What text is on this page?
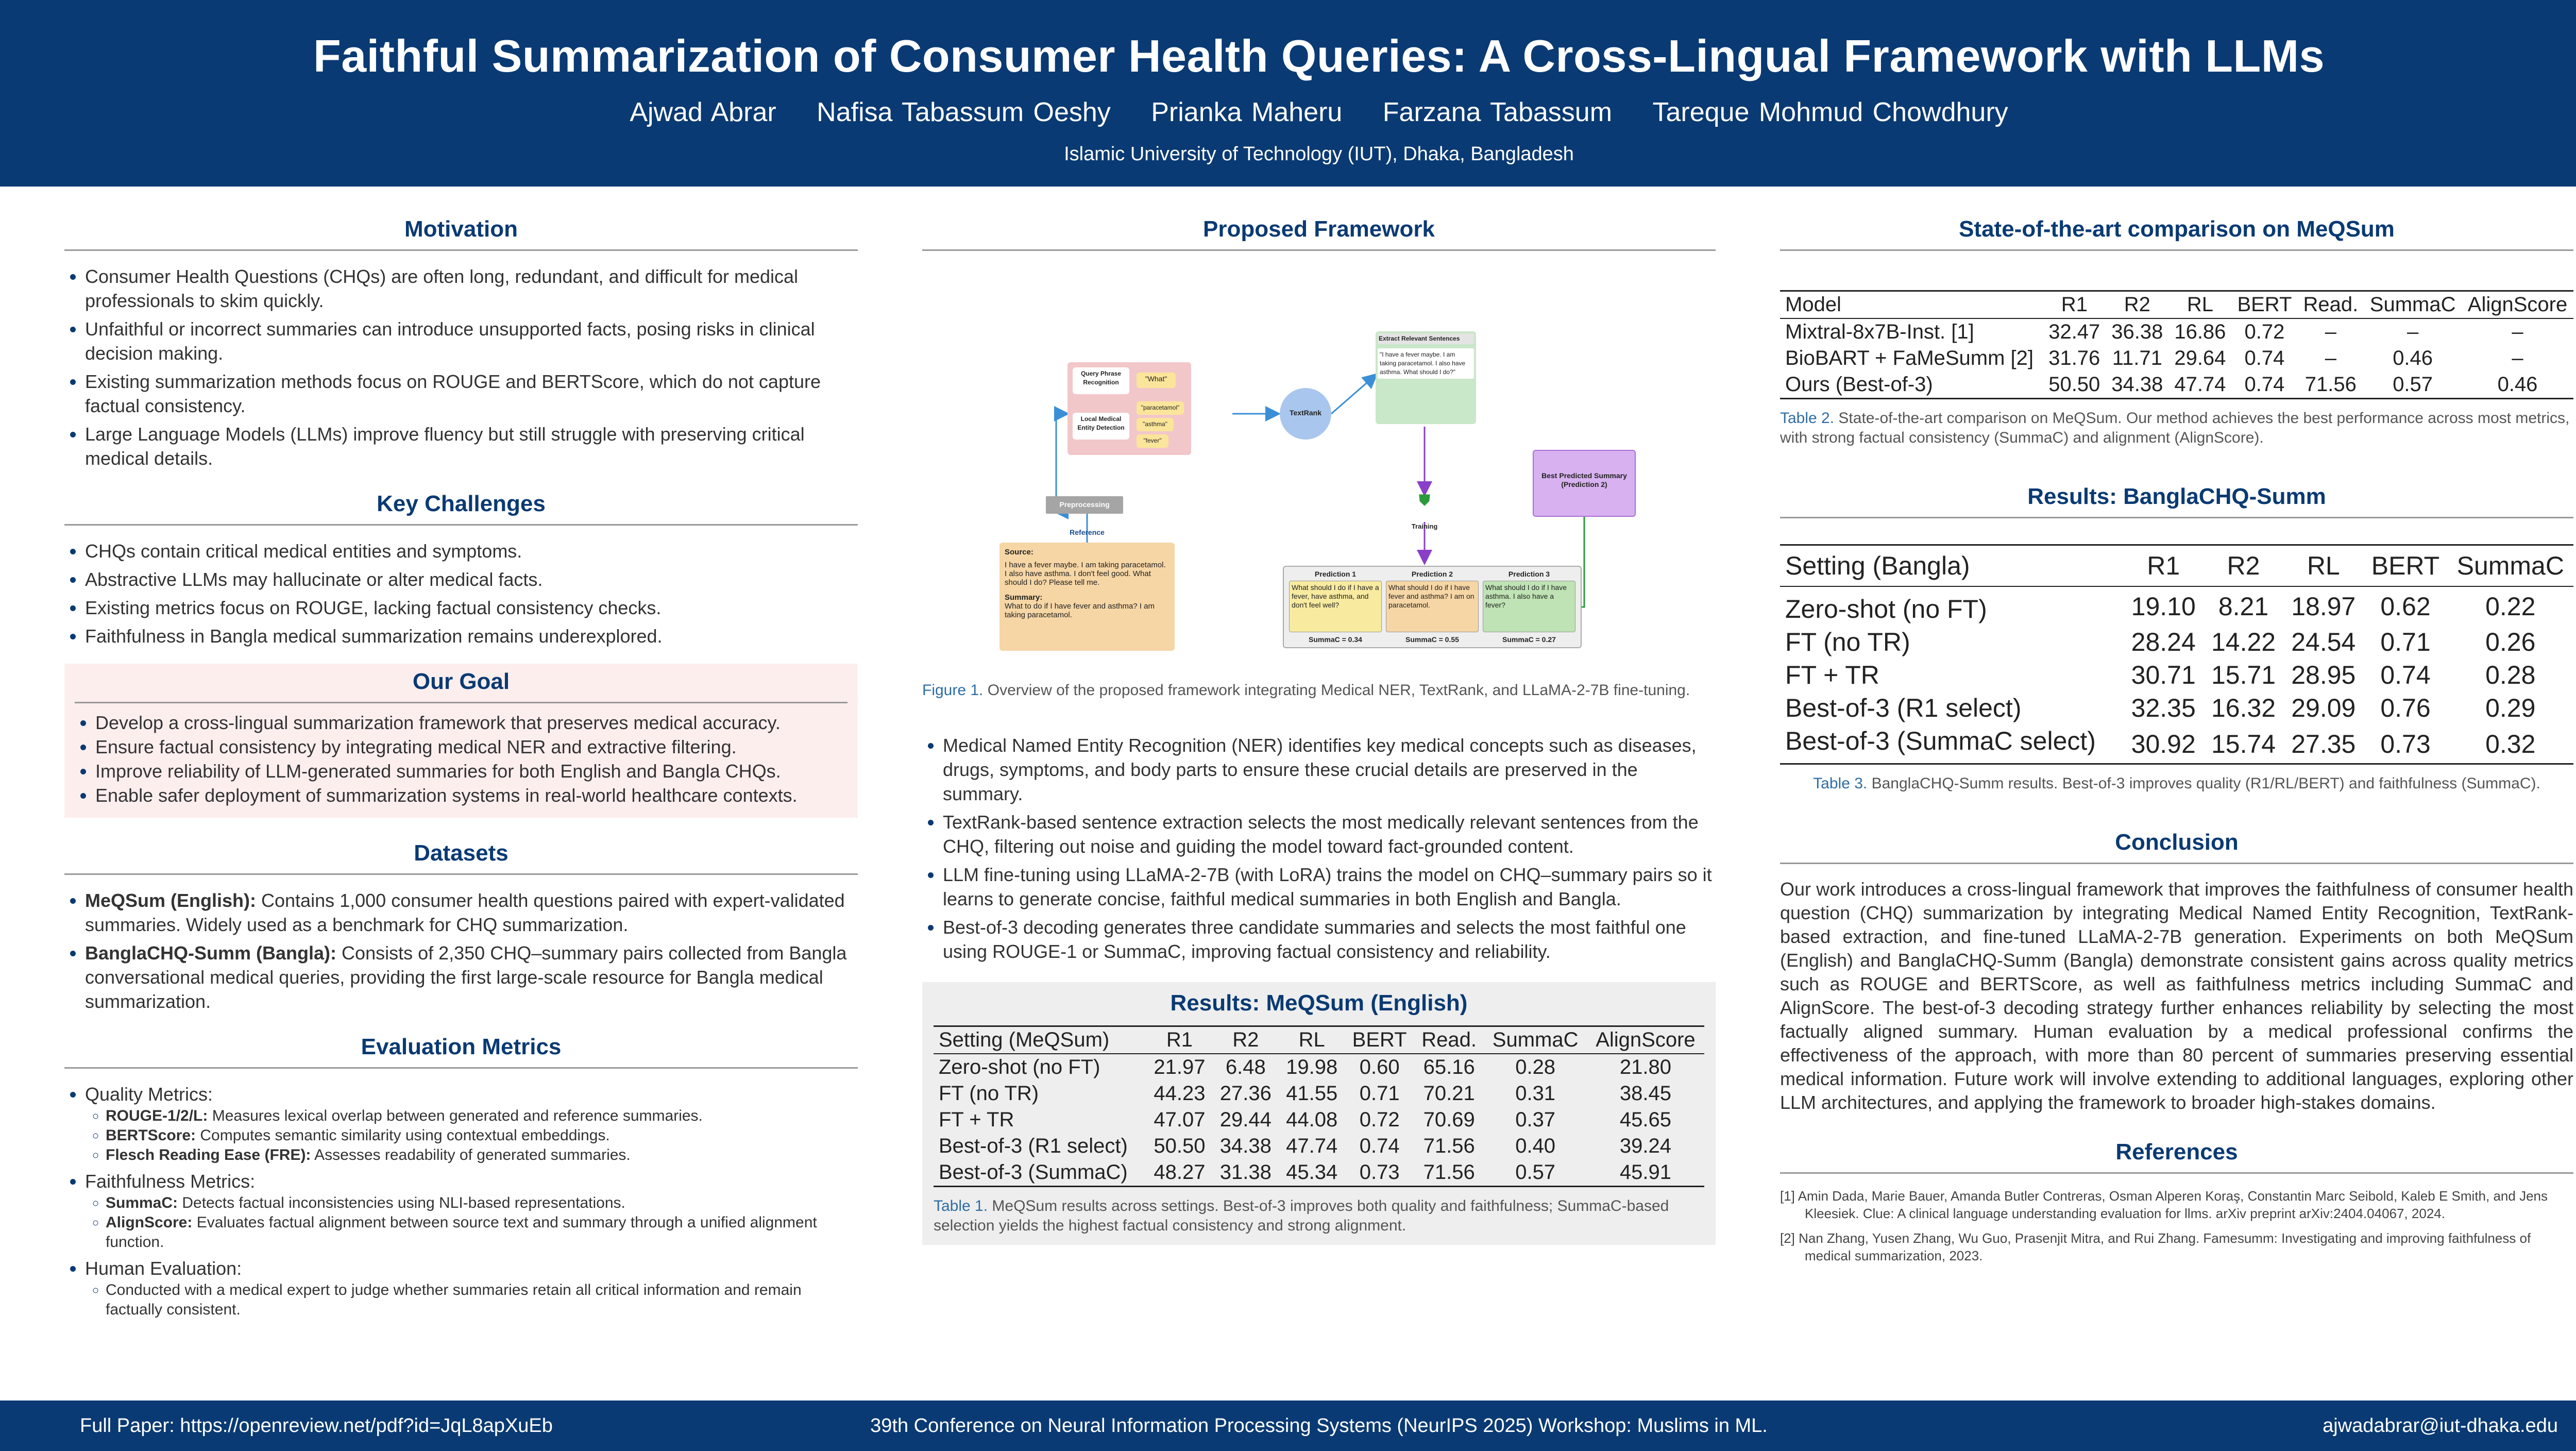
Faithful Summarization of Consumer Health Queries: A Cross-Lingual Framework with LLMs
Ajwad Abrar Nafisa Tabassum Oeshy Prianka Maheru Farzana Tabassum Tareque Mohmud Chowdhury
Islamic University of Technology (IUT), Dhaka, Bangladesh
Motivation
• Consumer Health Questions (CHQs) are often long, redundant, and difficult for medical professionals to skim quickly.
• Unfaithful or incorrect summaries can introduce unsupported facts, posing risks in clinical decision making.
• Existing summarization methods focus on ROUGE and BERTScore, which do not capture factual consistency.
• Large Language Models (LLMs) improve fluency but still struggle with preserving critical medical details.
Key Challenges
• CHQs contain critical medical entities and symptoms.
• Abstractive LLMs may hallucinate or alter medical facts.
• Existing metrics focus on ROUGE, lacking factual consistency checks.
• Faithfulness in Bangla medical summarization remains underexplored.
Our Goal
• Develop a cross-lingual summarization framework that preserves medical accuracy.
• Ensure factual consistency by integrating medical NER and extractive filtering.
• Improve reliability of LLM-generated summaries for both English and Bangla CHQs.
• Enable safer deployment of summarization systems in real-world healthcare contexts.
Datasets
• MeQSum (English): Contains 1,000 consumer health questions paired with expert-validated summaries. Widely used as a benchmark for CHQ summarization.
• BanglaCHQ-Summ (Bangla): Consists of 2,350 CHQ–summary pairs collected from Bangla conversational medical queries, providing the first large-scale resource for Bangla medical summarization.
Evaluation Metrics
• Quality Metrics:
◦ ROUGE-1/2/L: Measures lexical overlap between generated and reference summaries.
◦ BERTScore: Computes semantic similarity using contextual embeddings.
◦ Flesch Reading Ease (FRE): Assesses readability of generated summaries.
• Faithfulness Metrics:
◦ SummaC: Detects factual inconsistencies using NLI-based representations.
◦ AlignScore: Evaluates factual alignment between source text and summary through a unified alignment function.
• Human Evaluation:
◦ Conducted with a medical expert to judge whether summaries retain all critical information and remain factually consistent.
Proposed Framework
Query Phrase Recognition	"What"
Local Medical Entity Detection
"paracetamol"
"asthma"
"fever"
TextRank
Extract Relevant Sentences
"I have a fever maybe. I am taking paracetamol. I also have asthma. What should I do?"
Preprocessing	⛊
Training
Best Predicted Summary (Prediction 2)
Reference
Source:
I have a fever maybe. I am taking paracetamol. I also have asthma. I don't feel good. What should I do? Please tell me.
Summary:
What to do if I have fever and asthma? I am taking paracetamol.
Prediction 1
What should I do if I have a fever, have asthma, and don't feel well?
SummaC = 0.34
Prediction 2
What should I do if I have fever and asthma? I am on paracetamol.
SummaC = 0.55
Prediction 3
What should I do if I have asthma. I also have a fever?
SummaC = 0.27
Figure 1. Overview of the proposed framework integrating Medical NER, TextRank, and LLaMA-2-7B fine-tuning.
• Medical Named Entity Recognition (NER) identifies key medical concepts such as diseases, drugs, symptoms, and body parts to ensure these crucial details are preserved in the summary.
• TextRank-based sentence extraction selects the most medically relevant sentences from the CHQ, filtering out noise and guiding the model toward fact-grounded content.
• LLM fine-tuning using LLaMA-2-7B (with LoRA) trains the model on CHQ–summary pairs so it learns to generate concise, faithful medical summaries in both English and Bangla.
• Best-of-3 decoding generates three candidate summaries and selects the most faithful one using ROUGE-1 or SummaC, improving factual consistency and reliability.
Results: MeQSum (English)
Setting (MeQSum)	R1	R2	RL	BERT	Read.	SummaC	AlignScore
Zero-shot (no FT)	21.97	6.48	19.98	0.60	65.16	0.28	21.80
FT (no TR)	44.23	27.36	41.55	0.71	70.21	0.31	38.45
FT + TR	47.07	29.44	44.08	0.72	70.69	0.37	45.65
Best-of-3 (R1 select)	50.50	34.38	47.74	0.74	71.56	0.40	39.24
Best-of-3 (SummaC)	48.27	31.38	45.34	0.73	71.56	0.57	45.91
Table 1. MeQSum results across settings. Best-of-3 improves both quality and faithfulness; SummaC-based selection yields the highest factual consistency and strong alignment.
State-of-the-art comparison on MeQSum
Model	R1	R2	RL	BERT	Read.	SummaC	AlignScore
Mixtral-8x7B-Inst. [1]	32.47	36.38	16.86	0.72	–	–	–
BioBART + FaMeSumm [2]	31.76	11.71	29.64	0.74	–	0.46	–
Ours (Best-of-3)	50.50	34.38	47.74	0.74	71.56	0.57	0.46
Table 2. State-of-the-art comparison on MeQSum. Our method achieves the best performance across most metrics, with strong factual consistency (SummaC) and alignment (AlignScore).
Results: BanglaCHQ-Summ
Setting (Bangla)	R1	R2	RL	BERT	SummaC
Zero-shot (no FT)	19.10	8.21	18.97	0.62	0.22
FT (no TR)	28.24	14.22	24.54	0.71	0.26
FT + TR	30.71	15.71	28.95	0.74	0.28
Best-of-3 (R1 select)	32.35	16.32	29.09	0.76	0.29
Best-of-3 (SummaC select)	30.92	15.74	27.35	0.73	0.32
Table 3. BanglaCHQ-Summ results. Best-of-3 improves quality (R1/RL/BERT) and faithfulness (SummaC).
Conclusion
Our work introduces a cross-lingual framework that improves the faithfulness of consumer health question (CHQ) summarization by integrating Medical Named Entity Recognition, TextRank-based extraction, and fine-tuned LLaMA-2-7B generation. Experiments on both MeQSum (English) and BanglaCHQ-Summ (Bangla) demonstrate consistent gains across quality metrics such as ROUGE and BERTScore, as well as faithfulness metrics including SummaC and AlignScore. The best-of-3 decoding strategy further enhances reliability by selecting the most factually aligned summary. Human evaluation by a medical professional confirms the effectiveness of the approach, with more than 80 percent of summaries preserving essential medical information. Future work will involve extending to additional languages, exploring other LLM architectures, and applying the framework to broader high-stakes domains.
References
[1] Amin Dada, Marie Bauer, Amanda Butler Contreras, Osman Alperen Koraş, Constantin Marc Seibold, Kaleb E Smith, and Jens Kleesiek. Clue: A clinical language understanding evaluation for llms. arXiv preprint arXiv:2404.04067, 2024.
[2] Nan Zhang, Yusen Zhang, Wu Guo, Prasenjit Mitra, and Rui Zhang. Famesumm: Investigating and improving faithfulness of medical summarization, 2023.
Full Paper: https://openreview.net/pdf?id=JqL8apXuEb	39th Conference on Neural Information Processing Systems (NeurIPS 2025) Workshop: Muslims in ML.	ajwadabrar@iut-dhaka.edu
